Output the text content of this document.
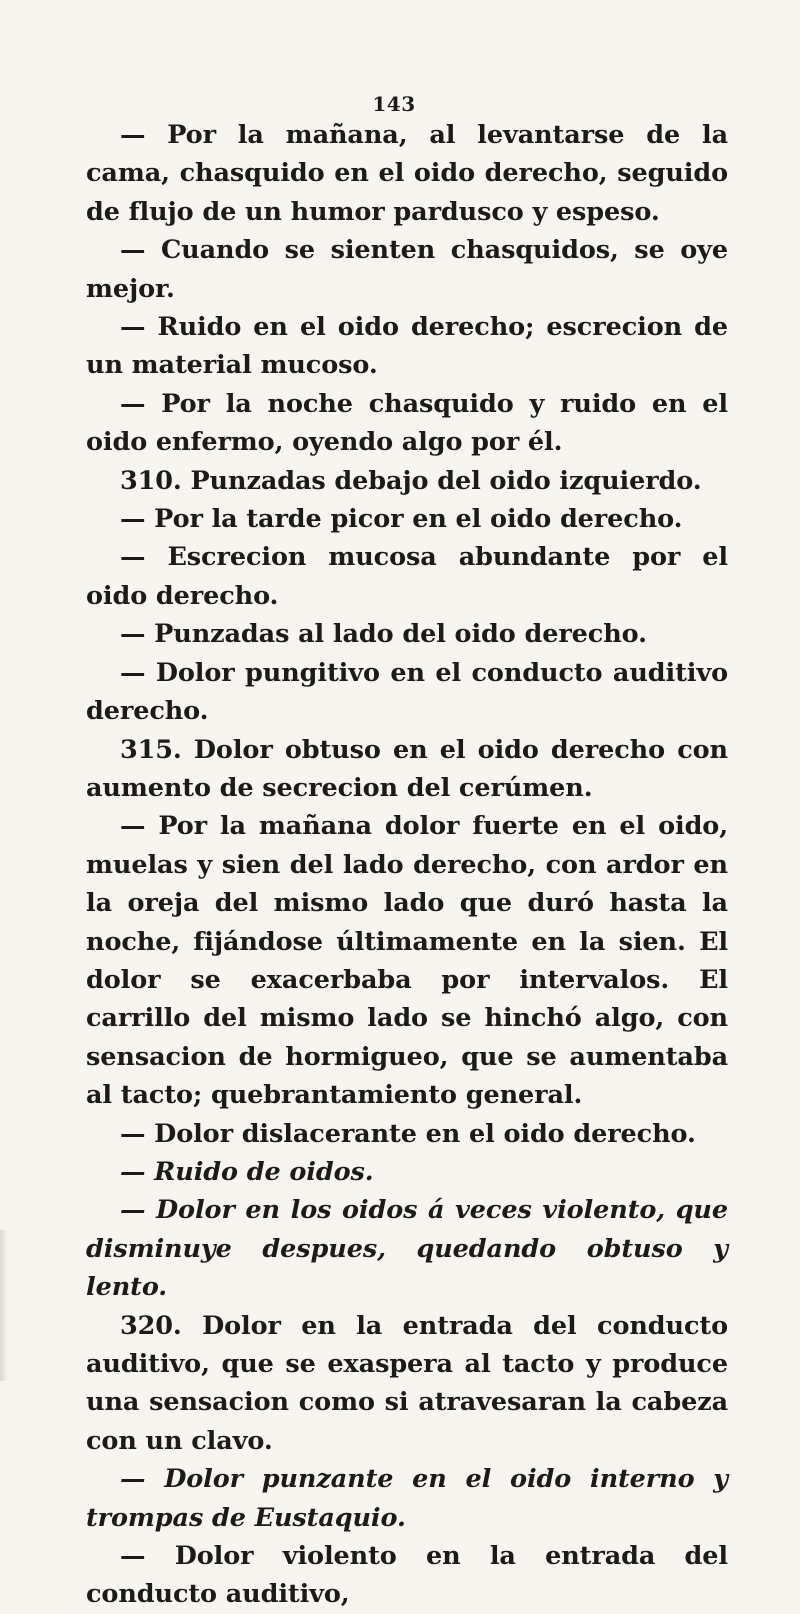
143

— Por la mañana, al levantarse de la cama, chasquido en el oido derecho, seguido de flujo de un humor pardusco y espeso.

— Cuando se sienten chasquidos, se oye mejor.

— Ruido en el oido derecho; escrecion de un material mucoso.

— Por la noche chasquido y ruido en el oido enfermo, oyendo algo por él.

310. Punzadas debajo del oido izquierdo.

— Por la tarde picor en el oido derecho.

— Escrecion mucosa abundante por el oido derecho.

— Punzadas al lado del oido derecho.

— Dolor pungitivo en el conducto auditivo derecho.

315. Dolor obtuso en el oido derecho con aumento de secrecion del cerúmen.

— Por la mañana dolor fuerte en el oido, muelas y sien del lado derecho, con ardor en la oreja del mismo lado que duró hasta la noche, fijándose últimamente en la sien. El dolor se exacerbaba por intervalos. El carrillo del mismo lado se hinchó algo, con sensacion de hormigueo, que se aumentaba al tacto; quebrantamiento general.

— Dolor dislacerante en el oido derecho.

— Ruido de oidos.

— Dolor en los oidos á veces violento, que disminuye despues, quedando obtuso y lento.

320. Dolor en la entrada del conducto auditivo, que se exaspera al tacto y produce una sensacion como si atravesaran la cabeza con un clavo.

— Dolor punzante en el oido interno y trompas de Eustaquio.

— Dolor violento en la entrada del conducto auditivo,
